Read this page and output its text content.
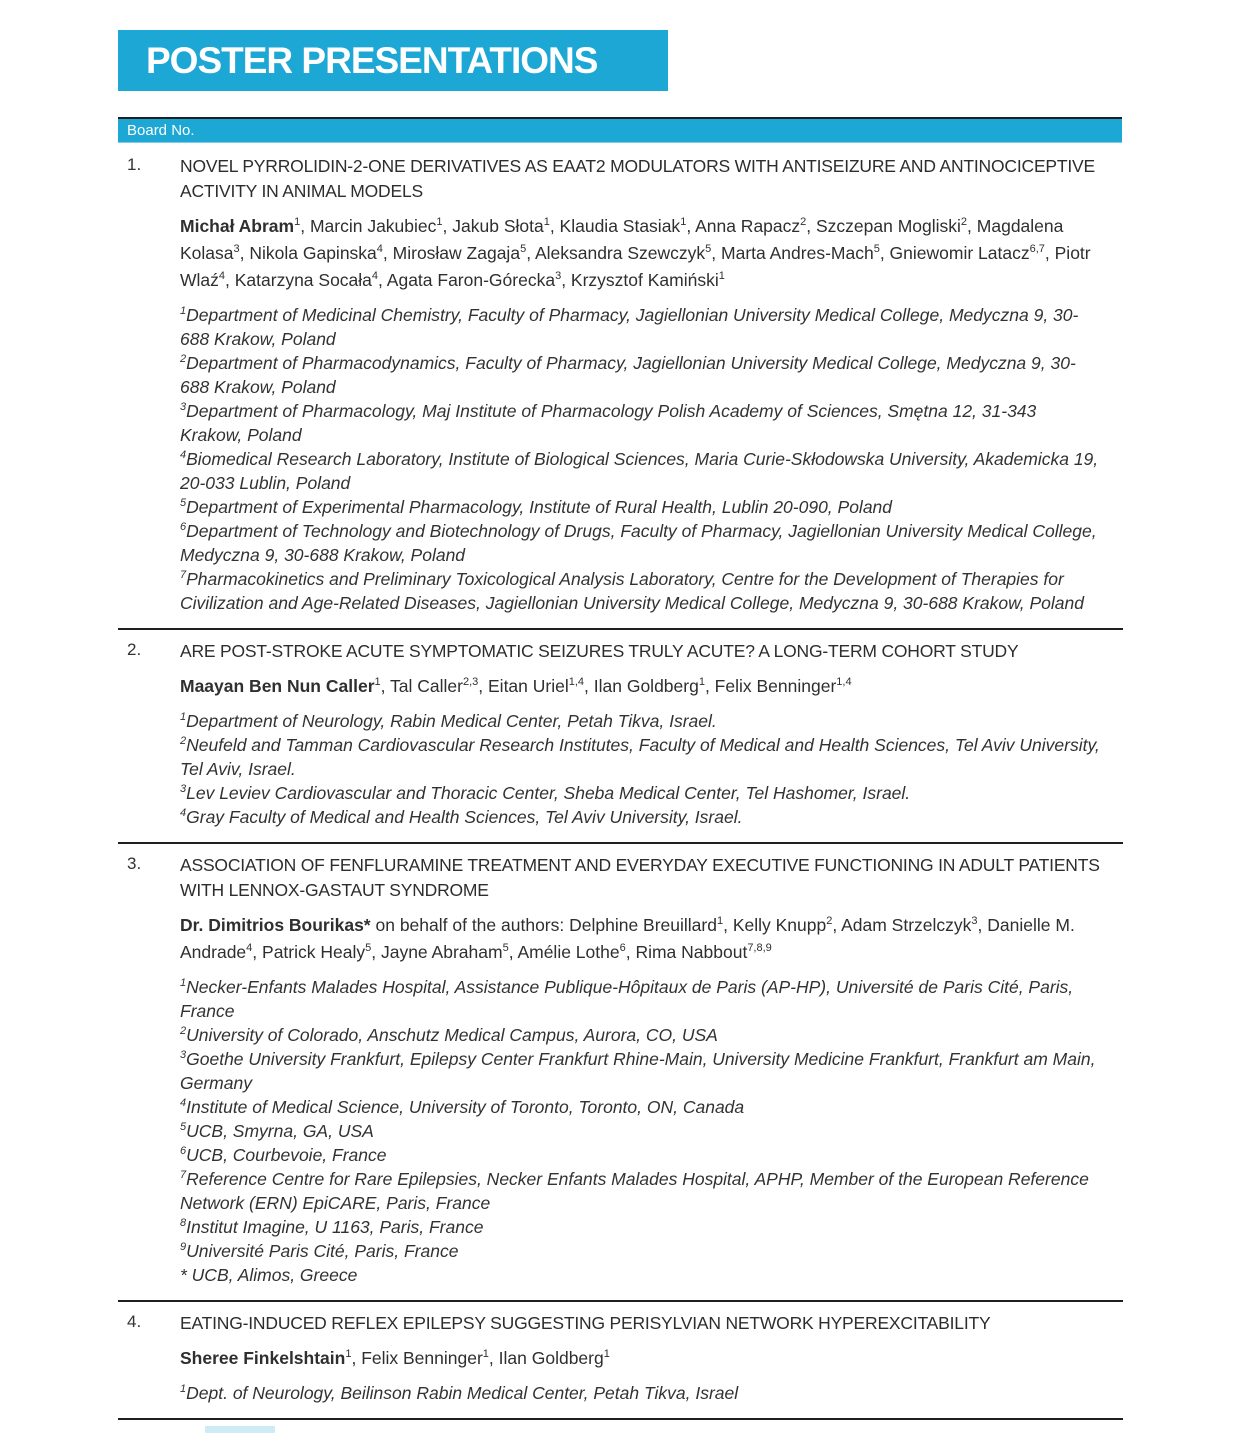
POSTER PRESENTATIONS
Board No.
1.	NOVEL PYRROLIDIN-2-ONE DERIVATIVES AS EAAT2 MODULATORS WITH ANTISEIZURE AND ANTINOCICEPTIVE ACTIVITY IN ANIMAL MODELS
Michał Abram$^1$, Marcin Jakubiec$^1$, Jakub Słota$^1$, Klaudia Stasiak$^1$, Anna Rapacz$^2$, Szczepan Mogliski$^2$, Magdalena Kolasa$^3$, Nikola Gapinska$^4$, Mirosław Zagaja$^5$, Aleksandra Szewczyk$^5$, Marta Andres-Mach$^5$, Gniewomir Latacz$^{6,7}$, Piotr Wlaź$^4$, Katarzyna Socała$^4$, Agata Faron-Górecka$^3$, Krzysztof Kamiński$^1$
$^1$Department of Medicinal Chemistry, Faculty of Pharmacy, Jagiellonian University Medical College, Medyczna 9, 30-688 Krakow, Poland
$^2$Department of Pharmacodynamics, Faculty of Pharmacy, Jagiellonian University Medical College, Medyczna 9, 30-688 Krakow, Poland
$^3$Department of Pharmacology, Maj Institute of Pharmacology Polish Academy of Sciences, Smętna 12, 31-343 Krakow, Poland
$^4$Biomedical Research Laboratory, Institute of Biological Sciences, Maria Curie-Skłodowska University, Akademicka 19, 20-033 Lublin, Poland
$^5$Department of Experimental Pharmacology, Institute of Rural Health, Lublin 20-090, Poland
$^6$Department of Technology and Biotechnology of Drugs, Faculty of Pharmacy, Jagiellonian University Medical College, Medyczna 9, 30-688 Krakow, Poland
$^7$Pharmacokinetics and Preliminary Toxicological Analysis Laboratory, Centre for the Development of Therapies for Civilization and Age-Related Diseases, Jagiellonian University Medical College, Medyczna 9, 30-688 Krakow, Poland
2.	ARE POST-STROKE ACUTE SYMPTOMATIC SEIZURES TRULY ACUTE? A LONG-TERM COHORT STUDY
Maayan Ben Nun Caller$^1$, Tal Caller$^{2,3}$, Eitan Uriel$^{1,4}$, Ilan Goldberg$^1$, Felix Benninger$^{1,4}$
$^1$Department of Neurology, Rabin Medical Center, Petah Tikva, Israel.
$^2$Neufeld and Tamman Cardiovascular Research Institutes, Faculty of Medical and Health Sciences, Tel Aviv University, Tel Aviv, Israel.
$^3$Lev Leviev Cardiovascular and Thoracic Center, Sheba Medical Center, Tel Hashomer, Israel.
$^4$Gray Faculty of Medical and Health Sciences, Tel Aviv University, Israel.
3.	ASSOCIATION OF FENFLURAMINE TREATMENT AND EVERYDAY EXECUTIVE FUNCTIONING IN ADULT PATIENTS WITH LENNOX-GASTAUT SYNDROME
Dr. Dimitrios Bourikas* on behalf of the authors: Delphine Breuillard$^1$, Kelly Knupp$^2$, Adam Strzelczyk$^3$, Danielle M. Andrade$^4$, Patrick Healy$^5$, Jayne Abraham$^5$, Amélie Lothe$^6$, Rima Nabbout$^{7,8,9}$
$^1$Necker-Enfants Malades Hospital, Assistance Publique-Hôpitaux de Paris (AP-HP), Université de Paris Cité, Paris, France
$^2$University of Colorado, Anschutz Medical Campus, Aurora, CO, USA
$^3$Goethe University Frankfurt, Epilepsy Center Frankfurt Rhine-Main, University Medicine Frankfurt, Frankfurt am Main, Germany
$^4$Institute of Medical Science, University of Toronto, Toronto, ON, Canada
$^5$UCB, Smyrna, GA, USA
$^6$UCB, Courbevoie, France
$^7$Reference Centre for Rare Epilepsies, Necker Enfants Malades Hospital, APHP, Member of the European Reference Network (ERN) EpiCARE, Paris, France
$^8$Institut Imagine, U 1163, Paris, France
$^9$Université Paris Cité, Paris, France
* UCB, Alimos, Greece
4.	EATING-INDUCED REFLEX EPILEPSY SUGGESTING PERISYLVIAN NETWORK HYPEREXCITABILITY
Sheree Finkelshtain$^1$, Felix Benninger$^1$, Ilan Goldberg$^1$
$^1$Dept. of Neurology, Beilinson Rabin Medical Center, Petah Tikva, Israel
